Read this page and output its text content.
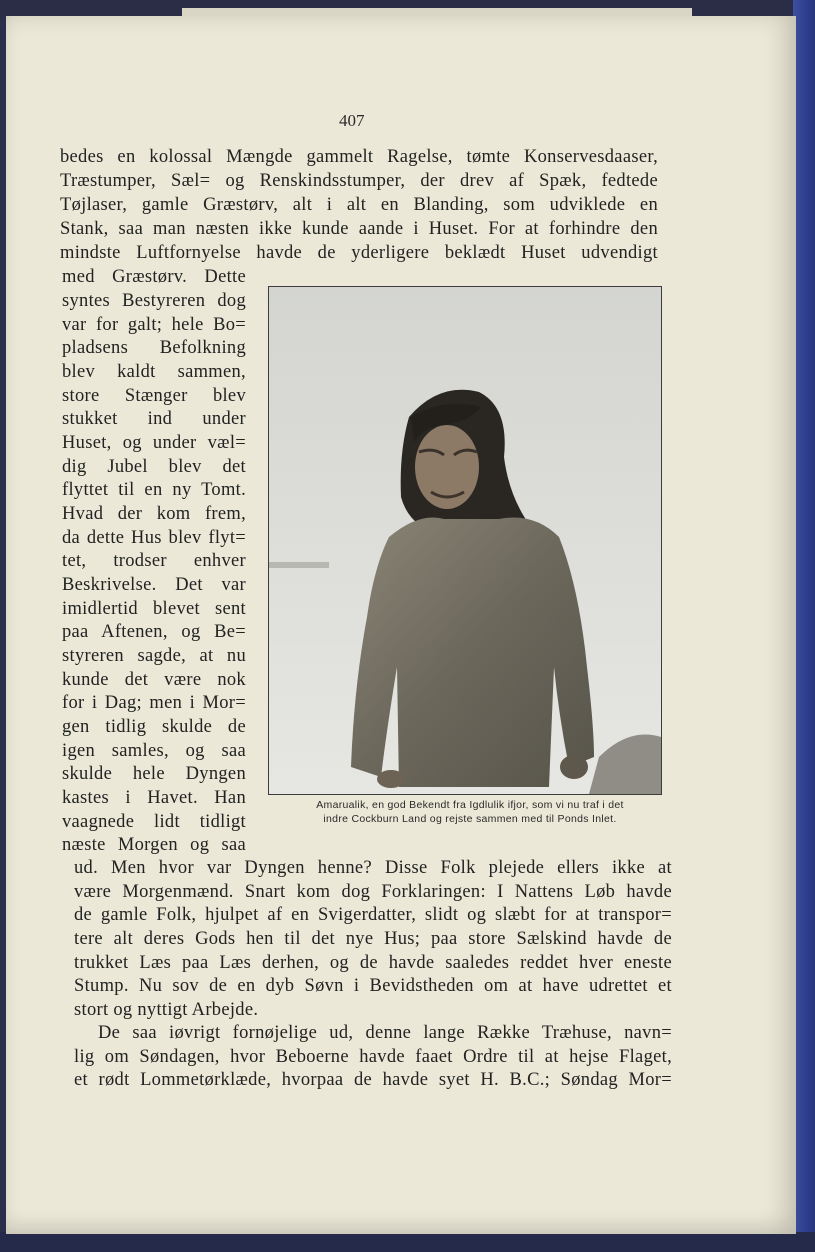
407
bedes en kolossal Mængde gammelt Ragelse, tømte Konservesdaaser,
Træstumper, Sæl= og Renskindsstumper, der drev af Spæk, fedtede
Tøjlaser, gamle Græstørv, alt i alt en Blanding, som udviklede en
Stank, saa man næsten ikke kunde aande i Huset. For at forhindre den
mindste Luftfornyelse havde de yderligere beklædt Huset udvendigt
med Græstørv. Dette
syntes Bestyreren dog
var for galt; hele Bo=
pladsens Befolkning
blev kaldt sammen,
store Stænger blev
stukket ind under
Huset, og under væl=
dig Jubel blev det
flyttet til en ny Tomt.
Hvad der kom frem,
da dette Hus blev flyt=
tet, trodser enhver
Beskrivelse. Det var
imidlertid blevet sent
paa Aftenen, og Be=
styreren sagde, at nu
kunde det være nok
for i Dag; men i Mor=
gen tidlig skulde de
igen samles, og saa
skulde hele Dyngen
kastes i Havet. Han
vaagnede lidt tidligt
næste Morgen og saa
Amarualik, en god Bekendt fra Igdlulik ifjor, som vi nu traf i det
indre Cockburn Land og rejste sammen med til Ponds Inlet.
ud. Men hvor var Dyngen henne? Disse Folk plejede ellers ikke at
være Morgenmænd. Snart kom dog Forklaringen: I Nattens Løb havde
de gamle Folk, hjulpet af en Svigerdatter, slidt og slæbt for at transpor=
tere alt deres Gods hen til det nye Hus; paa store Sælskind havde de
trukket Læs paa Læs derhen, og de havde saaledes reddet hver eneste
Stump. Nu sov de en dyb Søvn i Bevidstheden om at have udrettet et
stort og nyttigt Arbejde.
De saa iøvrigt fornøjelige ud, denne lange Række Træhuse, navn=
lig om Søndagen, hvor Beboerne havde faaet Ordre til at hejse Flaget,
et rødt Lommetørklæde, hvorpaa de havde syet H. B.C.; Søndag Mor=
